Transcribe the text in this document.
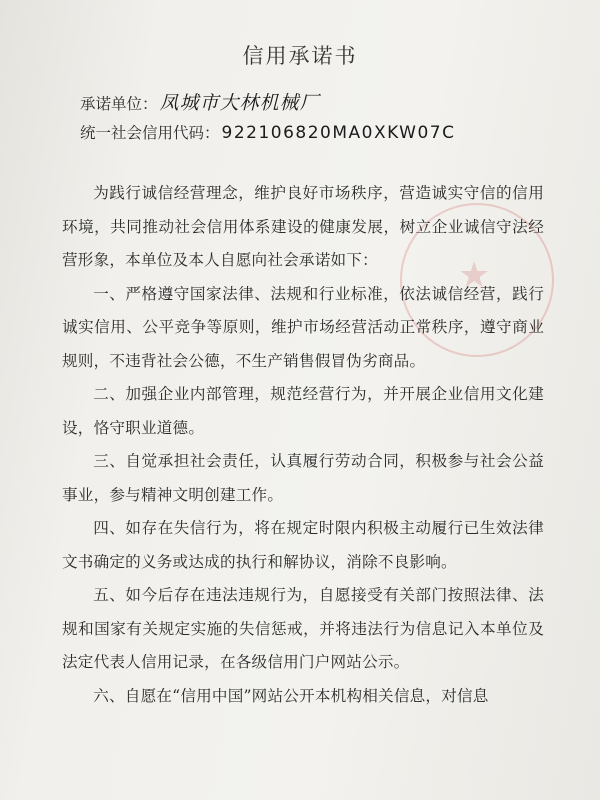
信用承诺书
承诺单位： 凤城市大林机械厂
统一社会信用代码： 922106820MA0XKW07C
★

为践行诚信经营理念，维护良好市场秩序，营造诚实守信的信用环境，共同推动社会信用体系建设的健康发展，树立企业诚信守法经营形象，本单位及本人自愿向社会承诺如下：

一、严格遵守国家法律、法规和行业标准，依法诚信经营，践行诚实信用、公平竞争等原则，维护市场经营活动正常秩序，遵守商业规则，不违背社会公德，不生产销售假冒伪劣商品。

二、加强企业内部管理，规范经营行为，并开展企业信用文化建设，恪守职业道德。

三、自觉承担社会责任，认真履行劳动合同，积极参与社会公益事业，参与精神文明创建工作。

四、如存在失信行为，将在规定时限内积极主动履行已生效法律文书确定的义务或达成的执行和解协议，消除不良影响。

五、如今后存在违法违规行为，自愿接受有关部门按照法律、法规和国家有关规定实施的失信惩戒，并将违法行为信息记入本单位及法定代表人信用记录，在各级信用门户网站公示。

六、自愿在“信用中国”网站公开本机构相关信息，对信息
